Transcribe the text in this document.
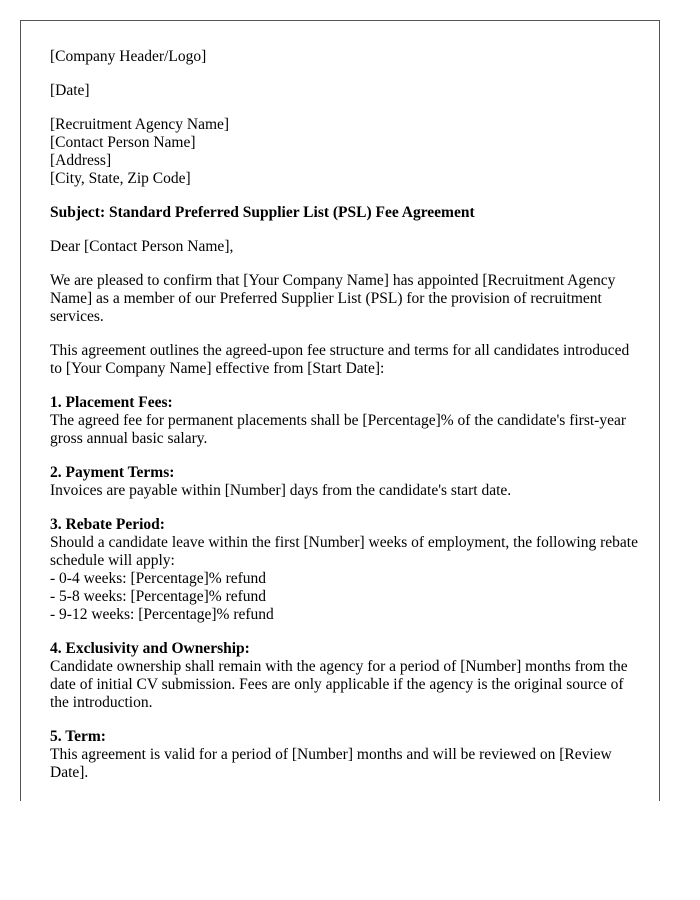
[Company Header/Logo]

[Date]

[Recruitment Agency Name]
[Contact Person Name]
[Address]
[City, State, Zip Code]

Subject: Standard Preferred Supplier List (PSL) Fee Agreement

Dear [Contact Person Name],

We are pleased to confirm that [Your Company Name] has appointed [Recruitment Agency Name] as a member of our Preferred Supplier List (PSL) for the provision of recruitment services.

This agreement outlines the agreed-upon fee structure and terms for all candidates introduced to [Your Company Name] effective from [Start Date]:

1. Placement Fees:
The agreed fee for permanent placements shall be [Percentage]% of the candidate's first-year gross annual basic salary.
2. Payment Terms:
Invoices are payable within [Number] days from the candidate's start date.
3. Rebate Period:
Should a candidate leave within the first [Number] weeks of employment, the following rebate schedule will apply:
- 0-4 weeks: [Percentage]% refund
- 5-8 weeks: [Percentage]% refund
- 9-12 weeks: [Percentage]% refund
4. Exclusivity and Ownership:
Candidate ownership shall remain with the agency for a period of [Number] months from the date of initial CV submission. Fees are only applicable if the agency is the original source of the introduction.
5. Term:
This agreement is valid for a period of [Number] months and will be reviewed on [Review Date].
